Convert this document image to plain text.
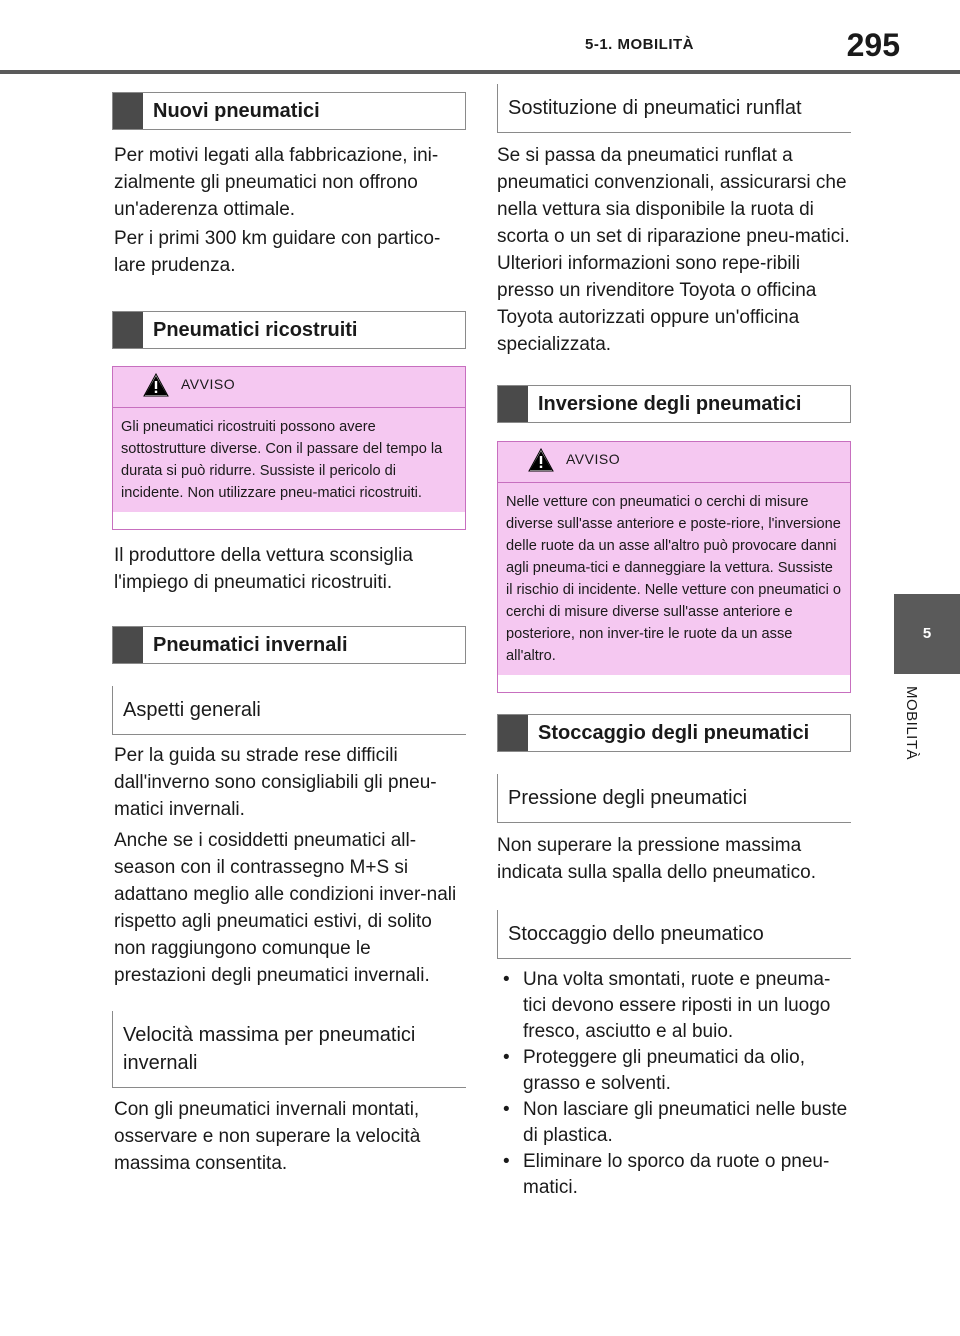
5-1. MOBILITÀ	295
5
MOBILITÀ
Nuovi pneumatici

Per motivi legati alla fabbricazione, ini-zialmente gli pneumatici non offrono un'aderenza ottimale.

Per i primi 300 km guidare con partico-lare prudenza.

Pneumatici ricostruiti
AVVISO

Gli pneumatici ricostruiti possono avere sottostrutture diverse. Con il passare del tempo la durata si può ridurre. Sussiste il pericolo di incidente. Non utilizzare pneu-matici ricostruiti.

Il produttore della vettura sconsiglia l'impiego di pneumatici ricostruiti.

Pneumatici invernali
Aspetti generali

Per la guida su strade rese difficili dall'inverno sono consigliabili gli pneu-matici invernali.

Anche se i cosiddetti pneumatici all-season con il contrassegno M+S si adattano meglio alle condizioni inver-nali rispetto agli pneumatici estivi, di solito non raggiungono comunque le prestazioni degli pneumatici invernali.

Velocità massima per pneumatici invernali

Con gli pneumatici invernali montati, osservare e non superare la velocità massima consentita.

Sostituzione di pneumatici runflat

Se si passa da pneumatici runflat a pneumatici convenzionali, assicurarsi che nella vettura sia disponibile la ruota di scorta o un set di riparazione pneu-matici. Ulteriori informazioni sono repe-ribili presso un rivenditore Toyota o officina Toyota autorizzati oppure un'officina specializzata.

Inversione degli pneumatici
AVVISO

Nelle vetture con pneumatici o cerchi di misure diverse sull'asse anteriore e poste-riore, l'inversione delle ruote da un asse all'altro può provocare danni agli pneuma-tici e danneggiare la vettura. Sussiste il rischio di incidente. Nelle vetture con pneumatici o cerchi di misure diverse sull'asse anteriore e posteriore, non inver-tire le ruote da un asse all'altro.

Stoccaggio degli pneumatici
Pressione degli pneumatici

Non superare la pressione massima indicata sulla spalla dello pneumatico.

Stoccaggio dello pneumatico
• Una volta smontati, ruote e pneuma-tici devono essere riposti in un luogo fresco, asciutto e al buio.
• Proteggere gli pneumatici da olio, grasso e solventi.
• Non lasciare gli pneumatici nelle buste di plastica.
• Eliminare lo sporco da ruote o pneu-matici.
